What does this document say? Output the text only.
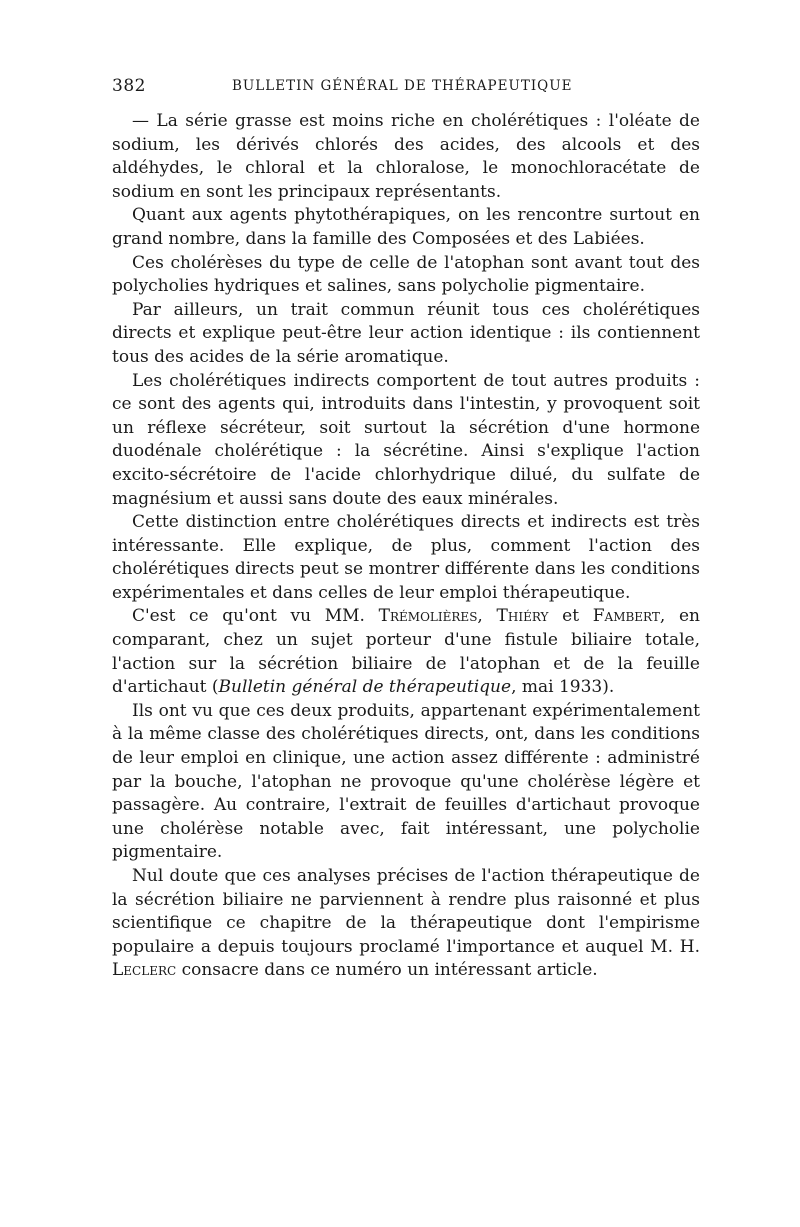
382	BULLETIN GÉNÉRAL DE THÉRAPEUTIQUE

— La série grasse est moins riche en cholérétiques : l'oléate de sodium, les dérivés chlorés des acides, des alcools et des aldéhydes, le chloral et la chloralose, le monochloracétate de sodium en sont les principaux représentants.

Quant aux agents phytothérapiques, on les rencontre surtout en grand nombre, dans la famille des Composées et des Labiées.

Ces cholérèses du type de celle de l'atophan sont avant tout des polycholies hydriques et salines, sans polycholie pigmentaire.

Par ailleurs, un trait commun réunit tous ces cholérétiques directs et explique peut-être leur action identique : ils contiennent tous des acides de la série aromatique.

Les cholérétiques indirects comportent de tout autres produits : ce sont des agents qui, introduits dans l'intestin, y provoquent soit un réflexe sécréteur, soit surtout la sécrétion d'une hormone duodénale cholérétique : la sécrétine. Ainsi s'explique l'action excito-sécrétoire de l'acide chlorhydrique dilué, du sulfate de magnésium et aussi sans doute des eaux minérales.

Cette distinction entre cholérétiques directs et indirects est très intéressante. Elle explique, de plus, comment l'action des cholérétiques directs peut se montrer différente dans les conditions expérimentales et dans celles de leur emploi thérapeutique.

C'est ce qu'ont vu MM. Trémolières, Thiéry et Fambert, en comparant, chez un sujet porteur d'une fistule biliaire totale, l'action sur la sécrétion biliaire de l'atophan et de la feuille d'artichaut (Bulletin général de thérapeutique, mai 1933).

Ils ont vu que ces deux produits, appartenant expérimentalement à la même classe des cholérétiques directs, ont, dans les conditions de leur emploi en clinique, une action assez différente : administré par la bouche, l'atophan ne provoque qu'une cholérèse légère et passagère. Au contraire, l'extrait de feuilles d'artichaut provoque une cholérèse notable avec, fait intéressant, une polycholie pigmentaire.

Nul doute que ces analyses précises de l'action thérapeutique de la sécrétion biliaire ne parviennent à rendre plus raisonné et plus scientifique ce chapitre de la thérapeutique dont l'empirisme populaire a depuis toujours proclamé l'importance et auquel M. H. Leclerc consacre dans ce numéro un intéressant article.
